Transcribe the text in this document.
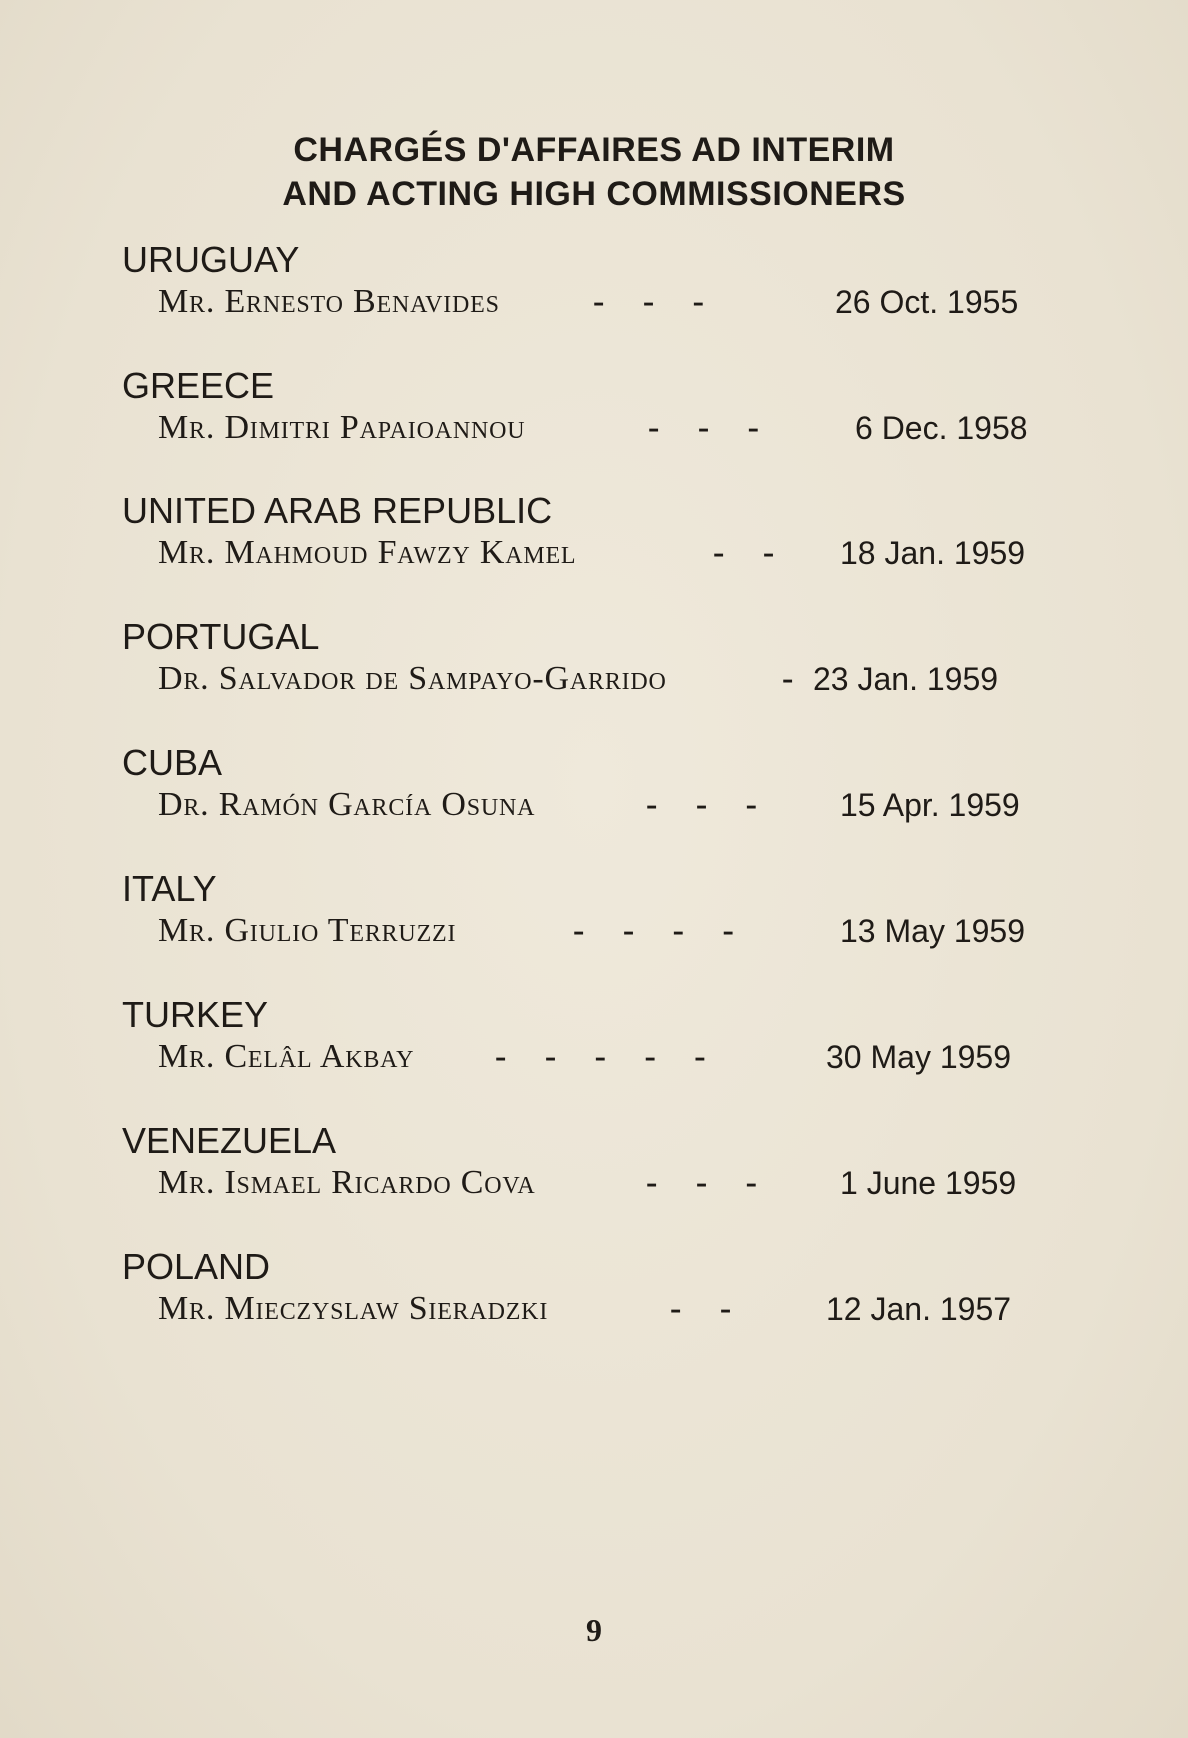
CHARGÉS D'AFFAIRES AD INTERIM
AND ACTING HIGH COMMISSIONERS
URUGUAY
Mr. Ernesto Benavides	- - -	26 Oct. 1955
GREECE
Mr. Dimitri Papaioannou	- - -	6 Dec. 1958
UNITED ARAB REPUBLIC
Mr. Mahmoud Fawzy Kamel	- - 18 Jan. 1959
PORTUGAL
Dr. Salvador de Sampayo-Garrido	- 23 Jan. 1959
CUBA
Dr. Ramón García Osuna	- - -	15 Apr. 1959
ITALY
Mr. Giulio Terruzzi	- - - -	13 May 1959
TURKEY
Mr. Celâl Akbay - - - - -	30 May 1959
VENEZUELA
Mr. Ismael Ricardo Cova	- - -	1 June 1959
POLAND
Mr. Mieczyslaw Sieradzki	- -	12 Jan. 1957
9
